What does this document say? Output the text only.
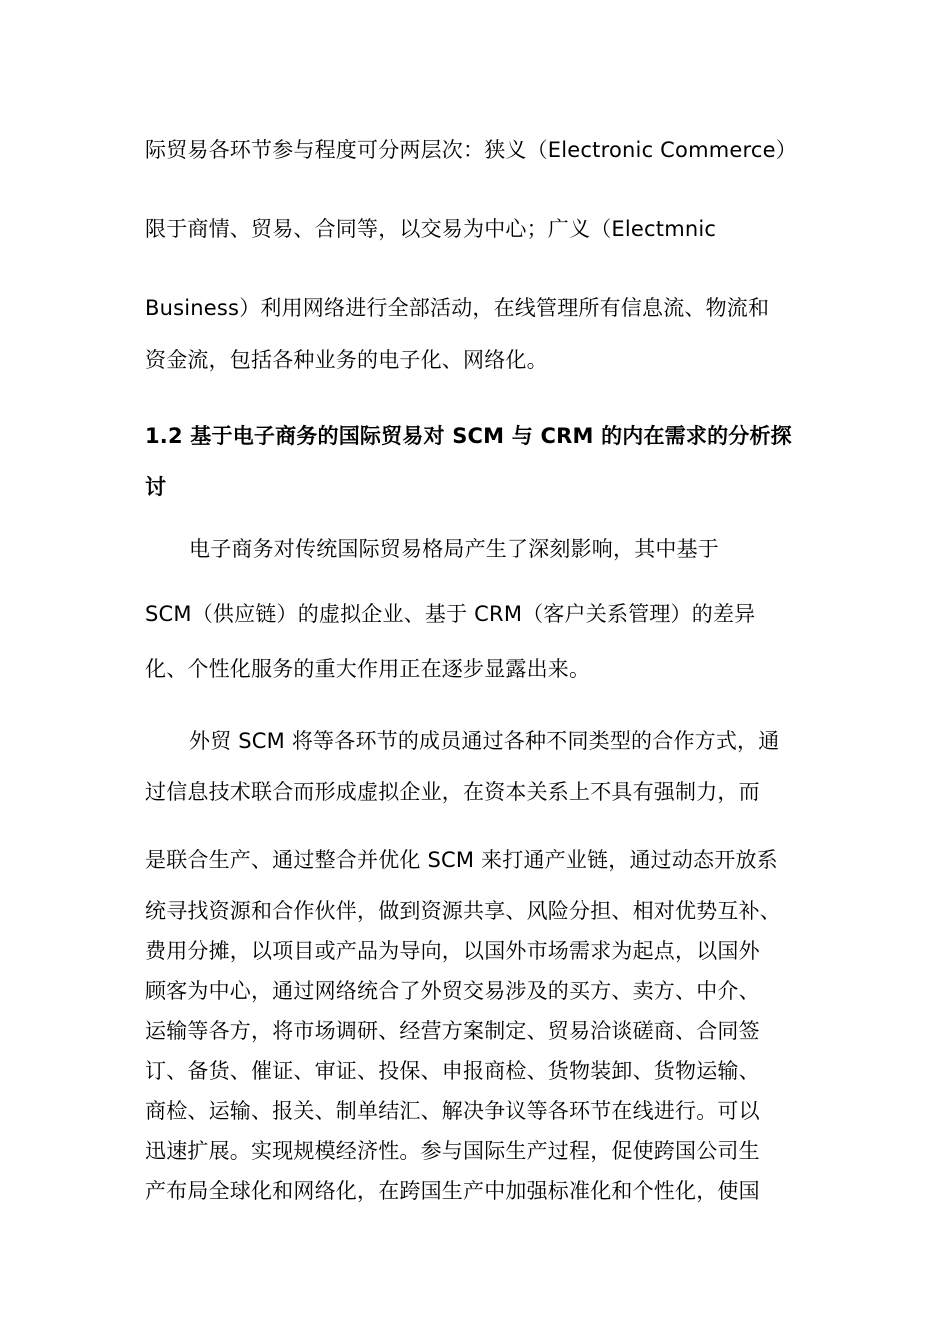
际贸易各环节参与程度可分两层次：狭义（Electronic Commerce）
限于商情、贸易、合同等，以交易为中心；广义（Electmnic
Business）利用网络进行全部活动，在线管理所有信息流、物流和
资金流，包括各种业务的电子化、网络化。
1.2 基于电子商务的国际贸易对 SCM 与 CRM 的内在需求的分析探
讨
电子商务对传统国际贸易格局产生了深刻影响，其中基于
SCM（供应链）的虚拟企业、基于 CRM（客户关系管理）的差异
化、个性化服务的重大作用正在逐步显露出来。
外贸 SCM 将等各环节的成员通过各种不同类型的合作方式，通
过信息技术联合而形成虚拟企业，在资本关系上不具有强制力，而
是联合生产、通过整合并优化 SCM 来打通产业链，通过动态开放系
统寻找资源和合作伙伴，做到资源共享、风险分担、相对优势互补、
费用分摊，以项目或产品为导向，以国外市场需求为起点，以国外
顾客为中心，通过网络统合了外贸交易涉及的买方、卖方、中介、
运输等各方，将市场调研、经营方案制定、贸易洽谈磋商、合同签
订、备货、催证、审证、投保、申报商检、货物装卸、货物运输、
商检、运输、报关、制单结汇、解决争议等各环节在线进行。可以
迅速扩展。实现规模经济性。参与国际生产过程，促使跨国公司生
产布局全球化和网络化，在跨国生产中加强标准化和个性化，使国
